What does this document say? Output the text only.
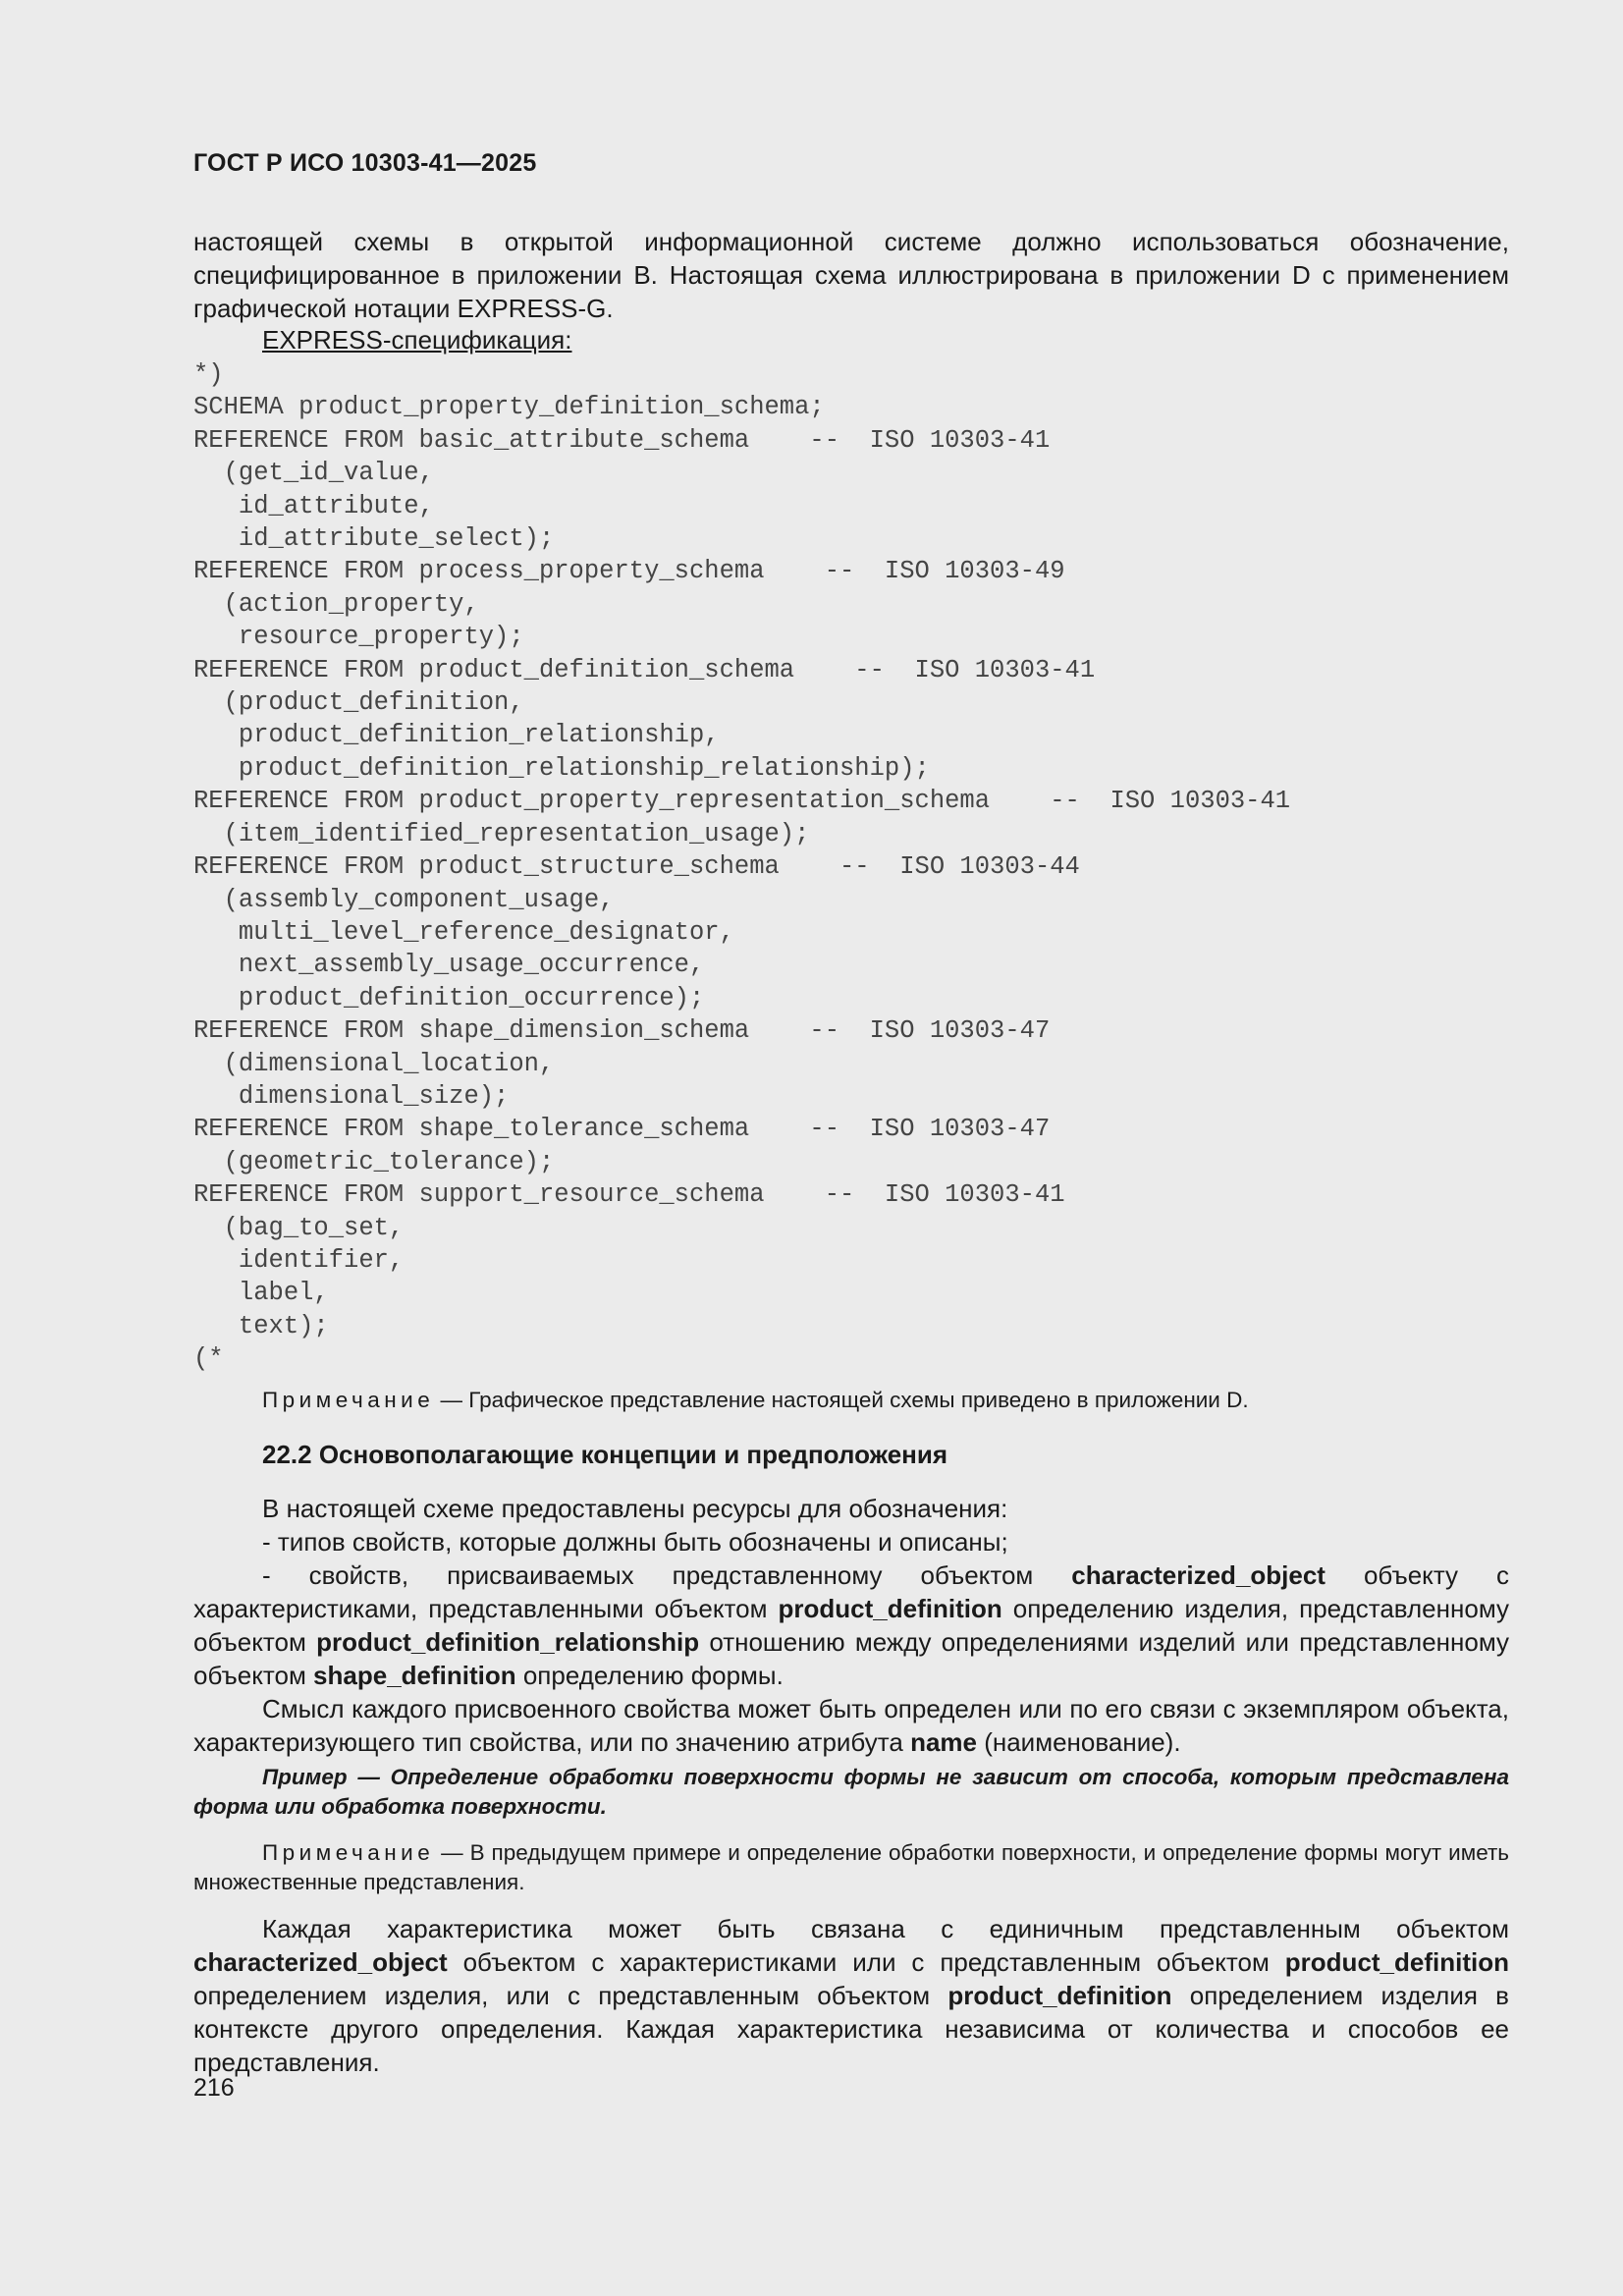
ГОСТ Р ИСО 10303-41—2025
настоящей схемы в открытой информационной системе должно использоваться обозначение, специфицированное в приложении В. Настоящая схема иллюстрирована в приложении D с применением графической нотации EXPRESS-G.
EXPRESS-спецификация:
*)
SCHEMA product_property_definition_schema;
REFERENCE FROM basic_attribute_schema    --  ISO 10303-41
(get_id_value,
id_attribute,
id_attribute_select);
REFERENCE FROM process_property_schema    --  ISO 10303-49
(action_property,
resource_property);
REFERENCE FROM product_definition_schema    --  ISO 10303-41
(product_definition,
product_definition_relationship,
product_definition_relationship_relationship);
REFERENCE FROM product_property_representation_schema    --  ISO 10303-41
(item_identified_representation_usage);
REFERENCE FROM product_structure_schema    --  ISO 10303-44
(assembly_component_usage,
multi_level_reference_designator,
next_assembly_usage_occurrence,
product_definition_occurrence);
REFERENCE FROM shape_dimension_schema    --  ISO 10303-47
(dimensional_location,
dimensional_size);
REFERENCE FROM shape_tolerance_schema    --  ISO 10303-47
(geometric_tolerance);
REFERENCE FROM support_resource_schema    --  ISO 10303-41
(bag_to_set,
identifier,
label,
text);
(*
Примечание — Графическое представление настоящей схемы приведено в приложении D.
22.2 Основополагающие концепции и предположения

В настоящей схеме предоставлены ресурсы для обозначения:

- типов свойств, которые должны быть обозначены и описаны;

- свойств, присваиваемых представленному объектом characterized_object объекту с характеристиками, представленными объектом product_definition определению изделия, представленному объектом product_definition_relationship отношению между определениями изделий или представленному объектом shape_definition определению формы.

Смысл каждого присвоенного свойства может быть определен или по его связи с экземпляром объекта, характеризующего тип свойства, или по значению атрибута name (наименование).

Пример — Определение обработки поверхности формы не зависит от способа, которым представлена форма или обработка поверхности.
Примечание — В предыдущем примере и определение обработки поверхности, и определение формы могут иметь множественные представления.
Каждая характеристика может быть связана с единичным представленным объектом characterized_object объектом с характеристиками или с представленным объектом product_definition определением изделия, или с представленным объектом product_definition определением изделия в контексте другого определения. Каждая характеристика независима от количества и способов ее представления.
216
